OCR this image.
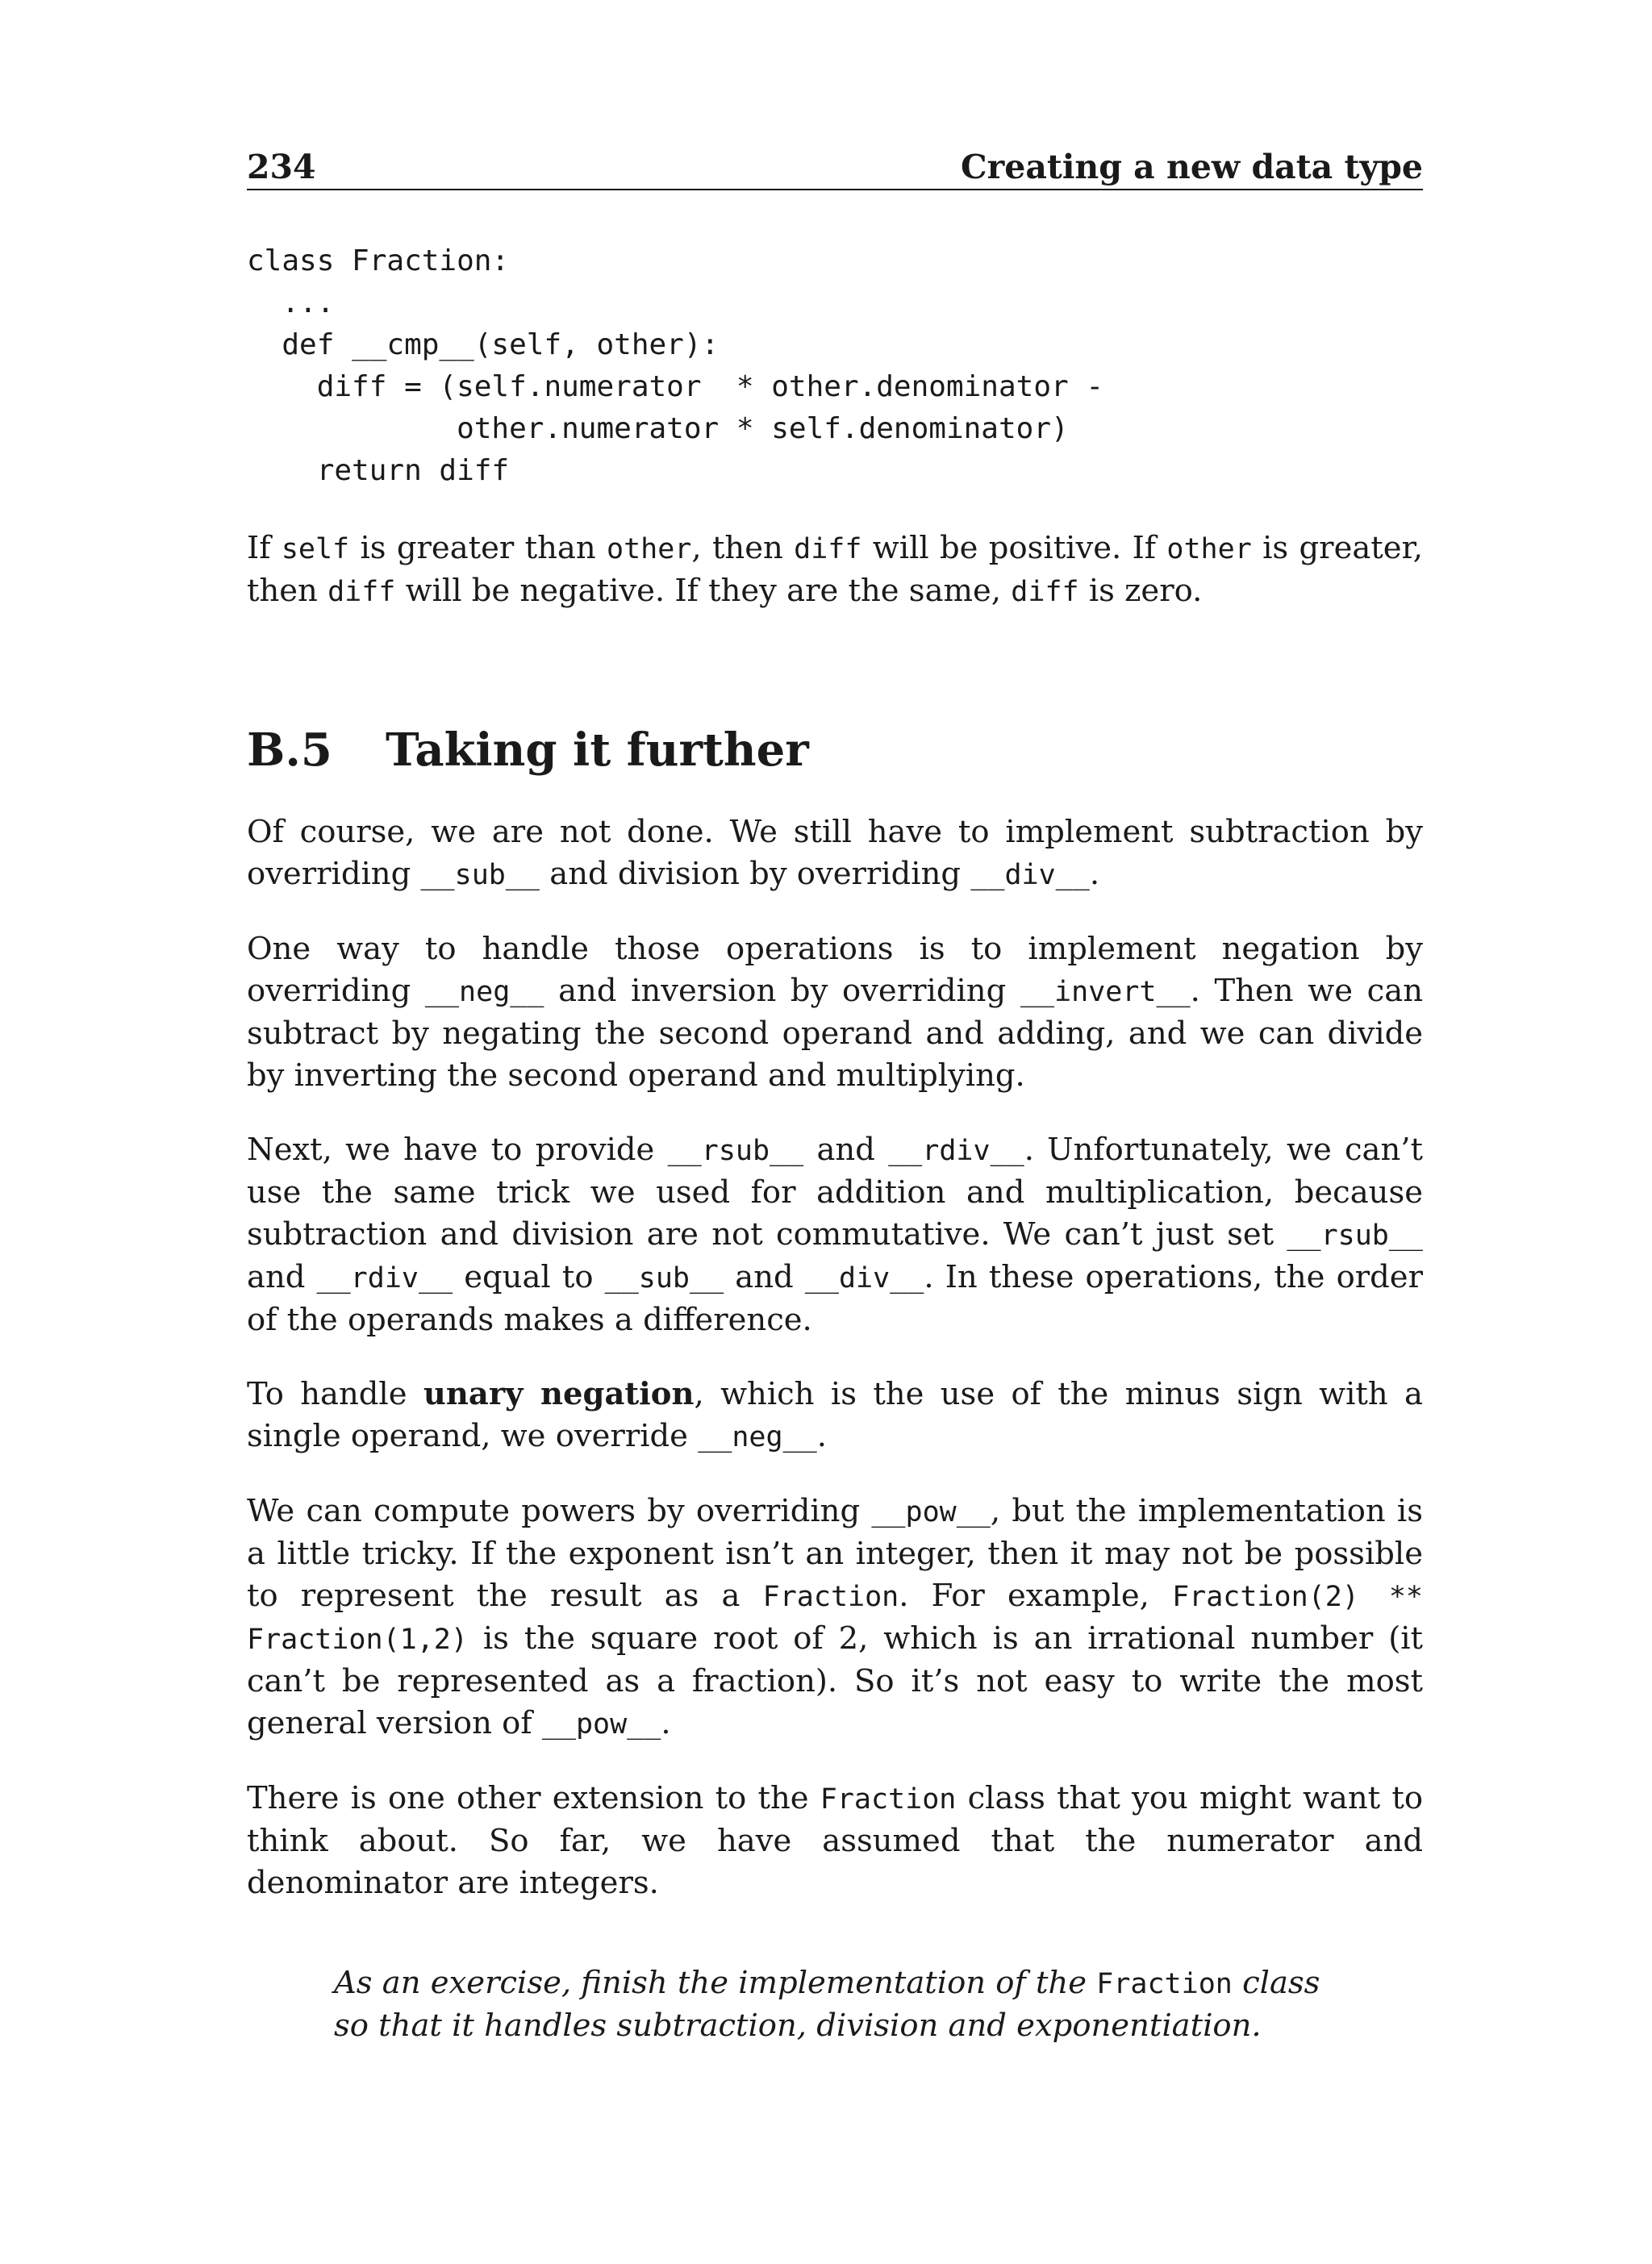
234	Creating a new data type
class Fraction:
...
def __cmp__(self, other):
diff = (self.numerator  * other.denominator -
other.numerator * self.denominator)
return diff

If self is greater than other, then diff will be positive. If other is greater, then diff will be negative. If they are the same, diff is zero.

B.5 Taking it further

Of course, we are not done. We still have to implement subtraction by overriding __sub__ and division by overriding __div__.

One way to handle those operations is to implement negation by overriding __neg__ and inversion by overriding __invert__. Then we can subtract by negating the second operand and adding, and we can divide by inverting the second operand and multiplying.

Next, we have to provide __rsub__ and __rdiv__. Unfortunately, we can’t use the same trick we used for addition and multiplication, because subtraction and division are not commutative. We can’t just set __rsub__ and __rdiv__ equal to __sub__ and __div__. In these operations, the order of the operands makes a difference.

To handle unary negation, which is the use of the minus sign with a single operand, we override __neg__.

We can compute powers by overriding __pow__, but the implementation is a little tricky. If the exponent isn’t an integer, then it may not be possible to represent the result as a Fraction. For example, Fraction(2) ** Fraction(1,2) is the square root of 2, which is an irrational number (it can’t be represented as a fraction). So it’s not easy to write the most general version of __pow__.

There is one other extension to the Fraction class that you might want to think about. So far, we have assumed that the numerator and denominator are integers.

As an exercise, finish the implementation of the Fraction class so that it handles subtraction, division and exponentiation.
